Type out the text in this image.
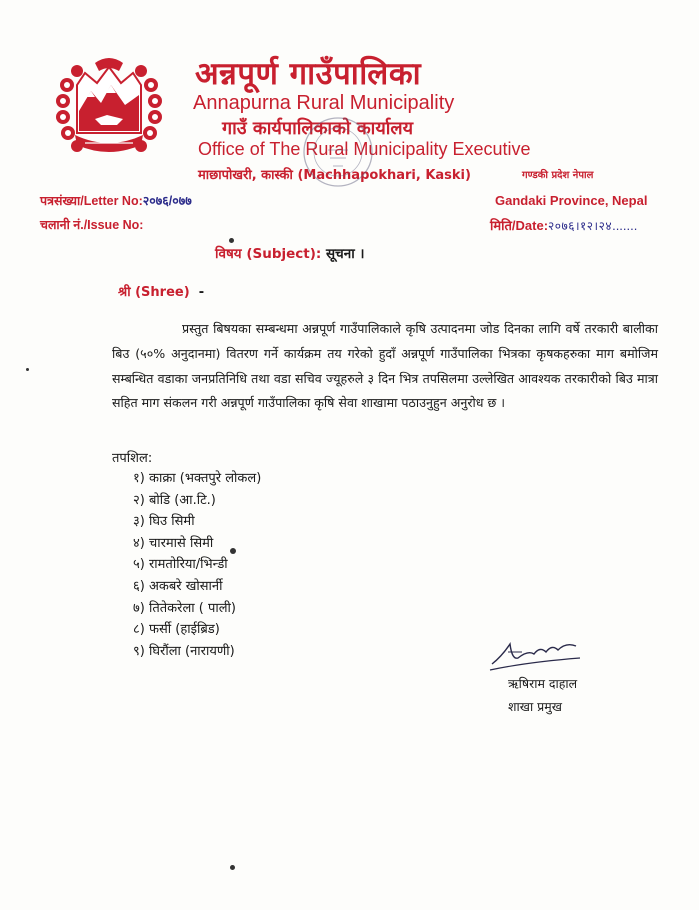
अन्नपूर्ण गाउँपालिका
Annapurna Rural Municipality
गाउँ कार्यपालिकाको कार्यालय
Office of The Rural Municipality Executive
माछापोखरी, कास्की (Machhapokhari, Kaski)	गण्डकी प्रदेश नेपाल
Gandaki Province, Nepal
पत्रसंख्या/Letter No:२०७६/०७७
चलानी नं./Issue No:	मिति/Date:२०७६।१२।२४.......
विषय (Subject): सूचना ।
श्री (Shree) -
प्रस्तुत बिषयका सम्बन्धमा अन्नपूर्ण गाउँपालिकाले कृषि उत्पादनमा जोड दिनका लागि वर्षे तरकारी बालीका बिउ (५०% अनुदानमा) वितरण गर्ने कार्यक्रम तय गरेको हुदाँ अन्नपूर्ण गाउँपालिका भित्रका कृषकहरुका माग बमोजिम सम्बन्धित वडाका जनप्रतिनिधि तथा वडा सचिव ज्यूहरुले ३ दिन भित्र तपसिलमा उल्लेखित आवश्यक तरकारीको बिउ मात्रा सहित माग संकलन गरी अन्नपूर्ण गाउँपालिका कृषि सेवा शाखामा पठाउनुहुन अनुरोध छ ।
तपशिल:
१) काक्रा (भक्तपुरे लोकल)
२) बोडि (आ.टि.)
३) घिउ सिमी
४) चारमासे सिमी
५) रामतोरिया/भिन्डी
६) अकबरे खोसार्नी
७) तितेकरेला ( पाली)
८) फर्सी (हाईब्रिड)
९) घिरौंला (नारायणी)
ऋषिराम दाहाल
शाखा प्रमुख
